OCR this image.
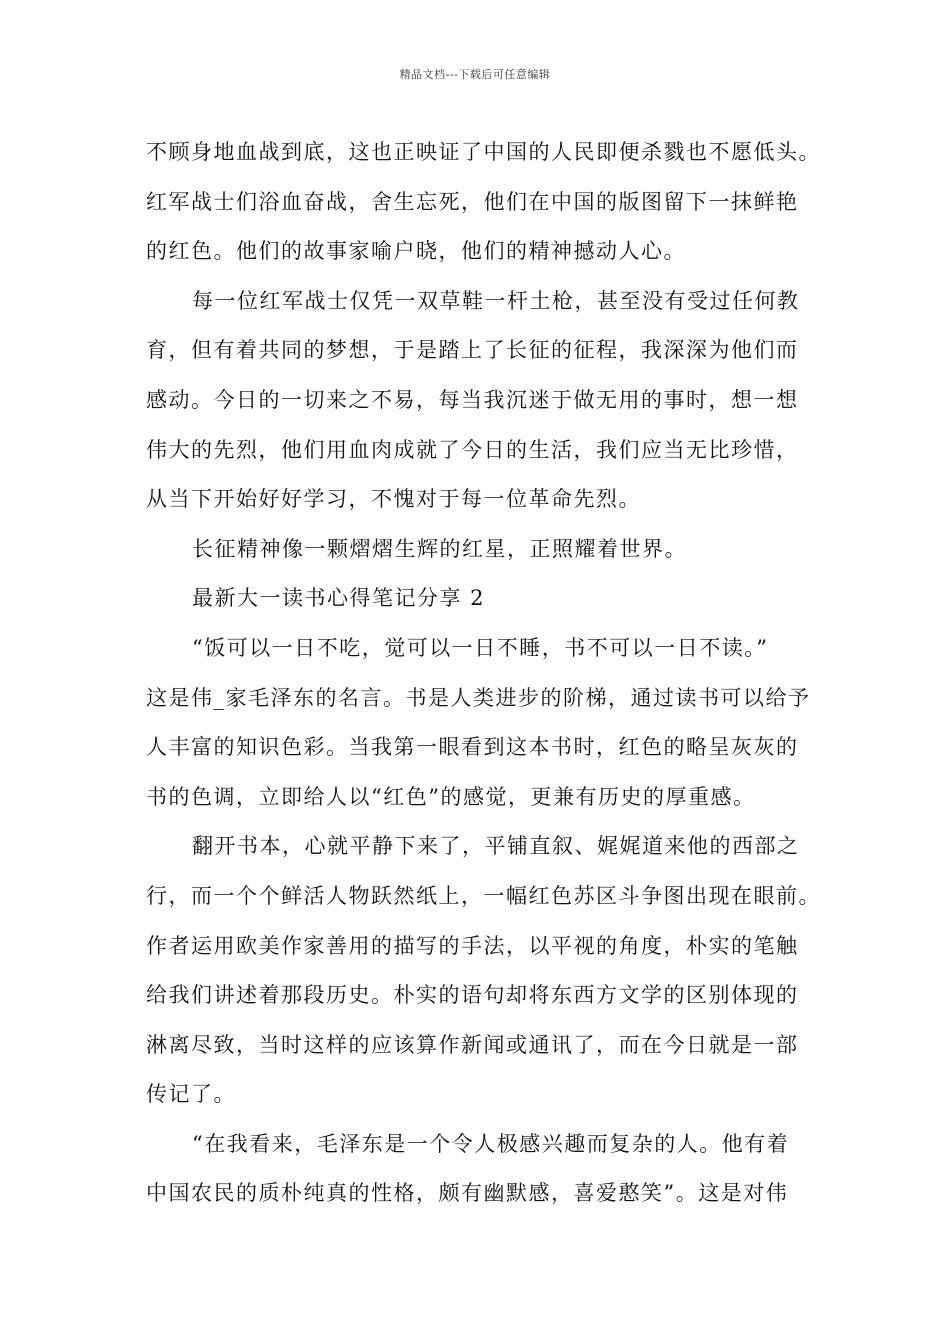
精品文档---下载后可任意编辑
不顾身地血战到底，这也正映证了中国的人民即便杀戮也不愿低头。
红军战士们浴血奋战，舍生忘死，他们在中国的版图留下一抹鲜艳
的红色。他们的故事家喻户晓，他们的精神撼动人心。
每一位红军战士仅凭一双草鞋一杆土枪，甚至没有受过任何教
育，但有着共同的梦想，于是踏上了长征的征程，我深深为他们而
感动。今日的一切来之不易，每当我沉迷于做无用的事时，想一想
伟大的先烈，他们用血肉成就了今日的生活，我们应当无比珍惜，
从当下开始好好学习，不愧对于每一位革命先烈。
长征精神像一颗熠熠生辉的红星，正照耀着世界。
最新大一读书心得笔记分享 2
“饭可以一日不吃，觉可以一日不睡，书不可以一日不读。”
这是伟_家毛泽东的名言。书是人类进步的阶梯，通过读书可以给予
人丰富的知识色彩。当我第一眼看到这本书时，红色的略呈灰灰的
书的色调，立即给人以“红色”的感觉，更兼有历史的厚重感。
翻开书本，心就平静下来了，平铺直叙、娓娓道来他的西部之
行，而一个个鲜活人物跃然纸上，一幅红色苏区斗争图出现在眼前。
作者运用欧美作家善用的描写的手法，以平视的角度，朴实的笔触
给我们讲述着那段历史。朴实的语句却将东西方文学的区别体现的
淋离尽致，当时这样的应该算作新闻或通讯了，而在今日就是一部
传记了。
“在我看来，毛泽东是一个令人极感兴趣而复杂的人。他有着
中国农民的质朴纯真的性格，颇有幽默感，喜爱憨笑”。这是对伟
